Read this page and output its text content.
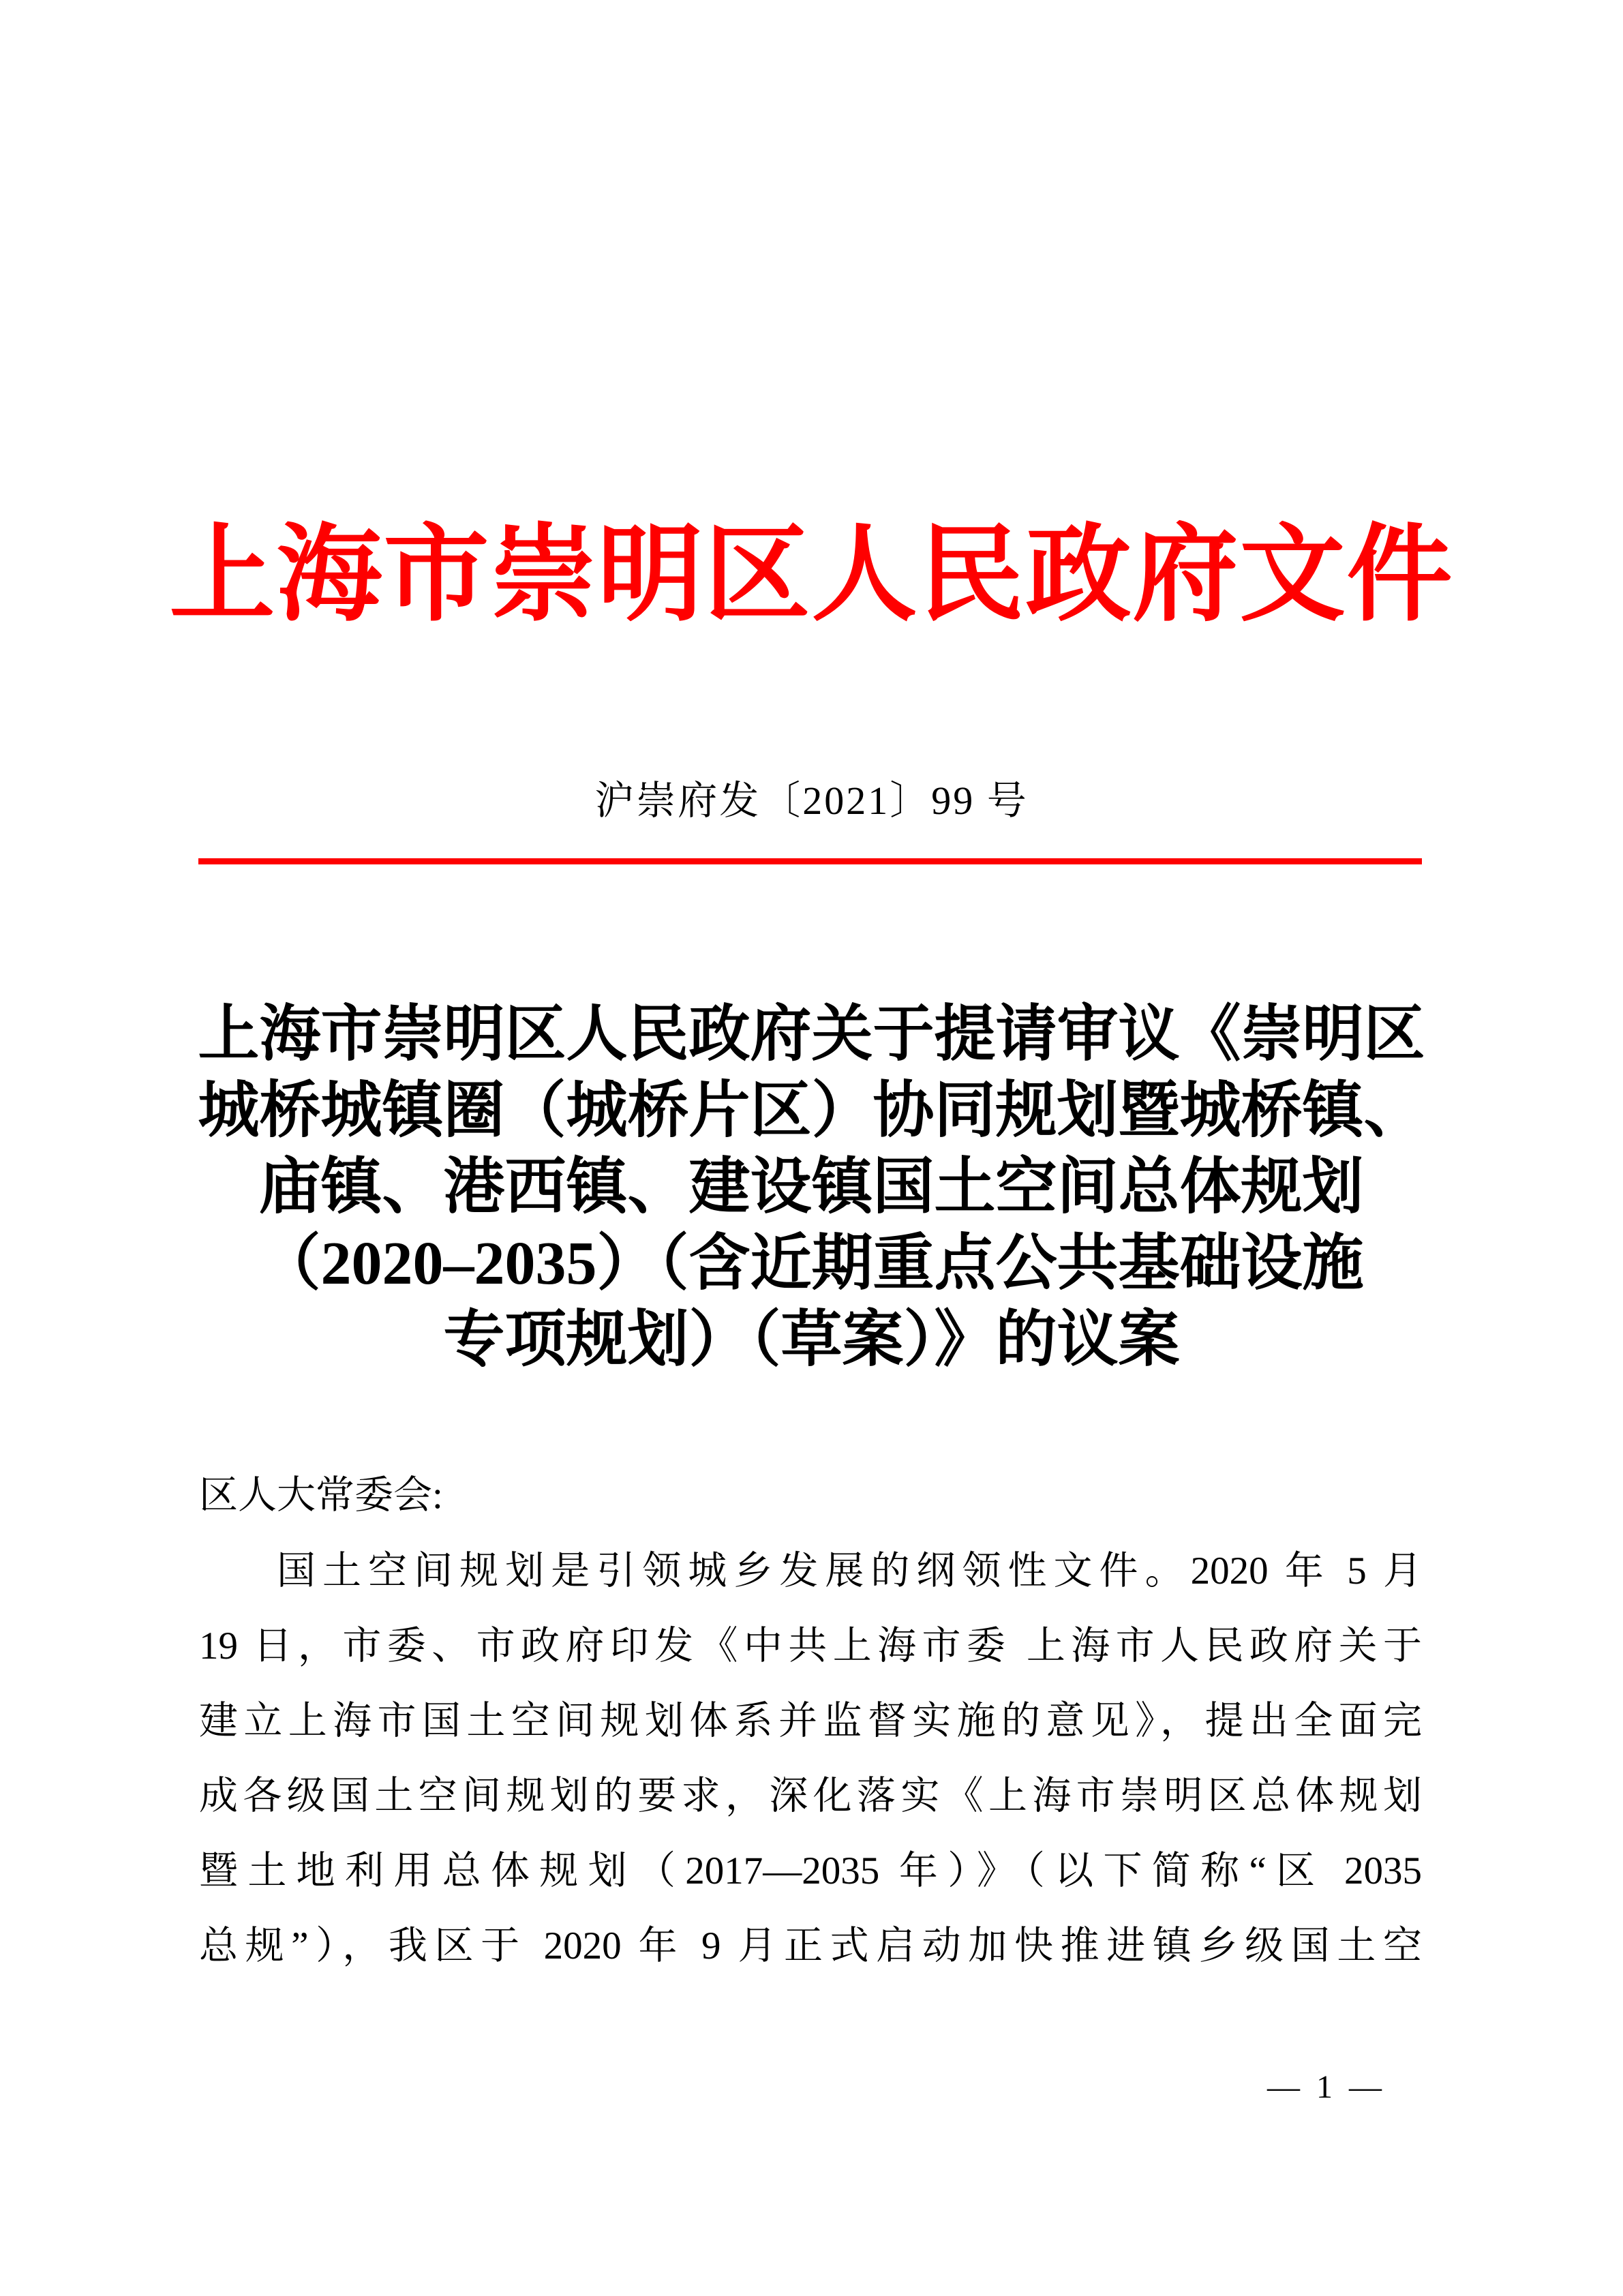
上海市崇明区人民政府文件
沪崇府发〔2021〕99 号
上海市崇明区人民政府关于提请审议《崇明区
城桥城镇圈（城桥片区）协同规划暨城桥镇、
庙镇、港西镇、建设镇国土空间总体规划
（2020–2035）（含近期重点公共基础设施
专项规划）（草案）》的议案
区人大常委会:
国土空间规划是引领城乡发展的纲领性文件。2020 年 5 月
19 日，市委、市政府印发《中共上海市委 上海市人民政府关于
建立上海市国土空间规划体系并监督实施的意见》，提出全面完
成各级国土空间规划的要求，深化落实《上海市崇明区总体规划
暨土地利用总体规划（2017—2035 年）》（以下简称“区 2035
总规”），我区于 2020 年 9 月正式启动加快推进镇乡级国土空
— 1 —
